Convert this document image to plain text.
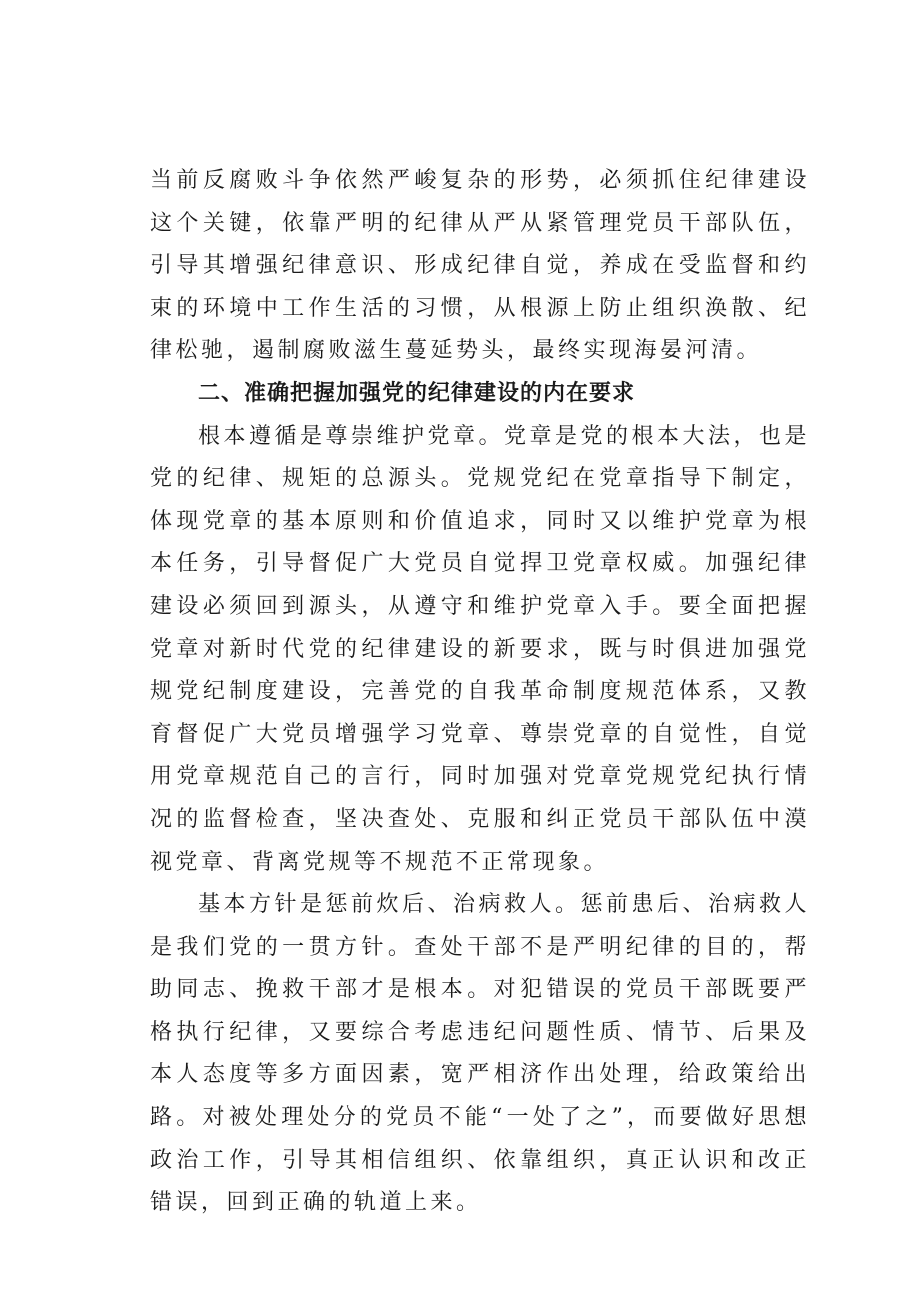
当前反腐败斗争依然严峻复杂的形势，必须抓住纪律建设这个关键，依靠严明的纪律从严从紧管理党员干部队伍，引导其增强纪律意识、形成纪律自觉，养成在受监督和约束的环境中工作生活的习惯，从根源上防止组织涣散、纪律松驰，遏制腐败滋生蔓延势头，最终实现海晏河清。

二、准确把握加强党的纪律建设的内在要求

根本遵循是尊崇维护党章。党章是党的根本大法，也是党的纪律、规矩的总源头。党规党纪在党章指导下制定，体现党章的基本原则和价值追求，同时又以维护党章为根本任务，引导督促广大党员自觉捍卫党章权威。加强纪律建设必须回到源头，从遵守和维护党章入手。要全面把握党章对新时代党的纪律建设的新要求，既与时俱进加强党规党纪制度建设，完善党的自我革命制度规范体系，又教育督促广大党员增强学习党章、尊崇党章的自觉性，自觉用党章规范自己的言行，同时加强对党章党规党纪执行情况的监督检查，坚决查处、克服和纠正党员干部队伍中漠视党章、背离党规等不规范不正常现象。

基本方针是惩前炊后、治病救人。惩前患后、治病救人是我们党的一贯方针。查处干部不是严明纪律的目的，帮助同志、挽救干部才是根本。对犯错误的党员干部既要严格执行纪律，又要综合考虑违纪问题性质、情节、后果及本人态度等多方面因素，宽严相济作出处理，给政策给出路。对被处理处分的党员不能“一处了之”，而要做好思想政治工作，引导其相信组织、依靠组织，真正认识和改正错误，回到正确的轨道上来。
